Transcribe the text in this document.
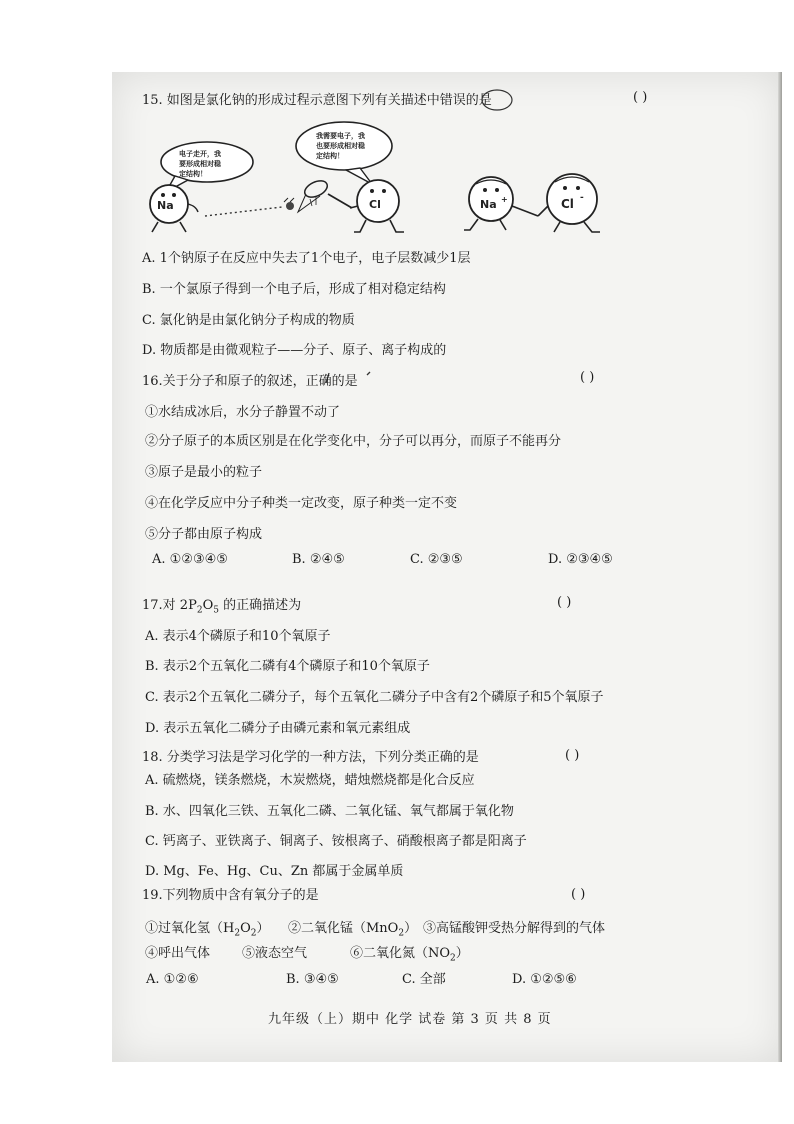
15. 如图是氯化钠的形成过程示意图下列有关描述中错误的是	( )
电子走开，我
要形成相对稳
定结构！
我需要电子，我
也要形成相对稳
定结构！
Na	Cl	Na +	Cl -
A. 1个钠原子在反应中失去了1个电子，电子层数减少1层
B. 一个氯原子得到一个电子后，形成了相对稳定结构
C. 氯化钠是由氯化钠分子构成的物质
D. 物质都是由微观粒子——分子、原子、离子构成的
16.关于分子和原子的叙述，正确的是	( )
①水结成冰后，水分子静置不动了
②分子原子的本质区别是在化学变化中，分子可以再分，而原子不能再分
③原子是最小的粒子
④在化学反应中分子种类一定改变，原子种类一定不变
⑤分子都由原子构成
A. ①②③④⑤	B. ②④⑤	C. ②③⑤	D. ②③④⑤
17.对 $2P_2O_5$ 的正确描述为	( )
A. 表示4个磷原子和10个氧原子
B. 表示2个五氧化二磷有4个磷原子和10个氧原子
C. 表示2个五氧化二磷分子，每个五氧化二磷分子中含有2个磷原子和5个氧原子
D. 表示五氧化二磷分子由磷元素和氧元素组成
18. 分类学习法是学习化学的一种方法，下列分类正确的是	( )
A. 硫燃烧，镁条燃烧，木炭燃烧，蜡烛燃烧都是化合反应
B. 水、四氧化三铁、五氧化二磷、二氧化锰、氧气都属于氧化物
C. 钙离子、亚铁离子、铜离子、铵根离子、硝酸根离子都是阳离子
D. Mg、Fe、Hg、Cu、Zn 都属于金属单质
19.下列物质中含有氧分子的是	( )
①过氧化氢$(H_2O_2)$ ②二氧化锰（MnO$_2$） ③高锰酸钾受热分解得到的气体
④呼出气体 ⑤液态空气	⑥二氧化氮$(NO_2)$
A. ①②⑥	B. ③④⑤	C. 全部	D. ①②⑤⑥
九年级（上）期中 化学 试卷 第 3 页 共 8 页
